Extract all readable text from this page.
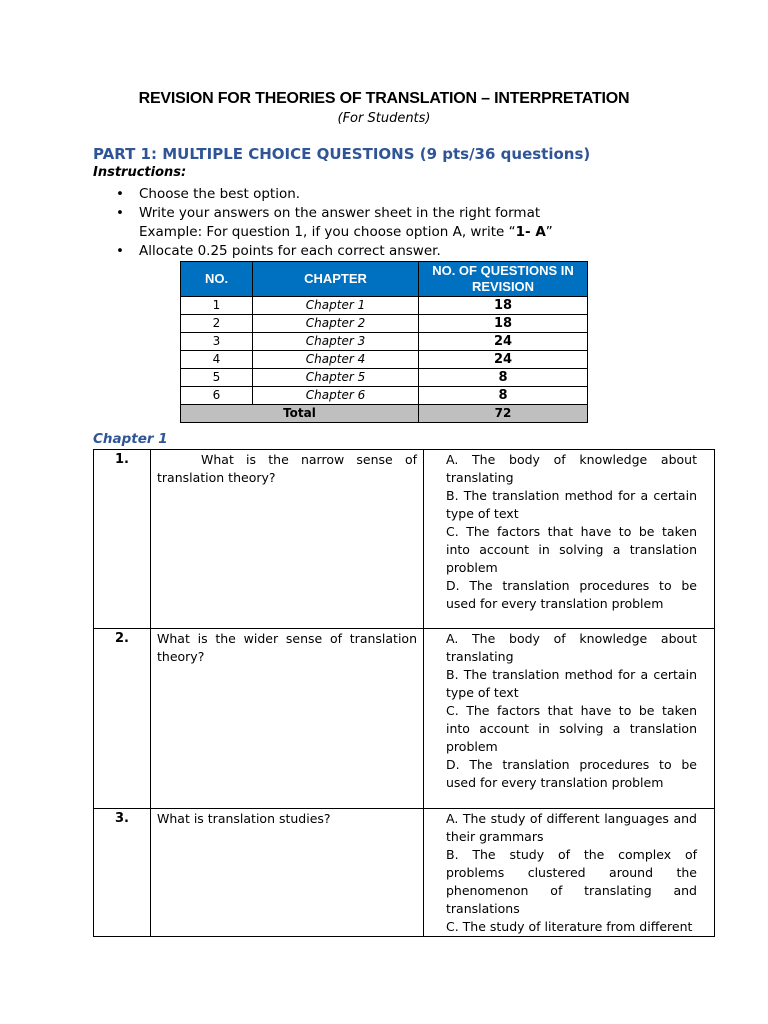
REVISION FOR THEORIES OF TRANSLATION – INTERPRETATION
(For Students)
PART 1: MULTIPLE CHOICE QUESTIONS (9 pts/36 questions)
Instructions:
• Choose the best option.
• Write your answers on the answer sheet in the right format
Example: For question 1, if you choose option A, write “1- A”
• Allocate 0.25 points for each correct answer.
NO.	CHAPTER	NO. OF QUESTIONS IN REVISION
1	Chapter 1	18
2	Chapter 2	18
3	Chapter 3	24
4	Chapter 4	24
5	Chapter 5	8
6	Chapter 6	8
Total		72
Chapter 1
1.	What is the narrow sense of translation theory?	A. The body of knowledge about translating
B. The translation method for a certain type of text
C. The factors that have to be taken into account in solving a translation problem
D. The translation procedures to be used for every translation problem

2.	What is the wider sense of translation theory?	A. The body of knowledge about translating
B. The translation method for a certain type of text
C. The factors that have to be taken into account in solving a translation problem
D. The translation procedures to be used for every translation problem

3.	What is translation studies?	A. The study of different languages and their grammars
B. The study of the complex of problems clustered around the phenomenon of translating and translations
C. The study of literature from different
